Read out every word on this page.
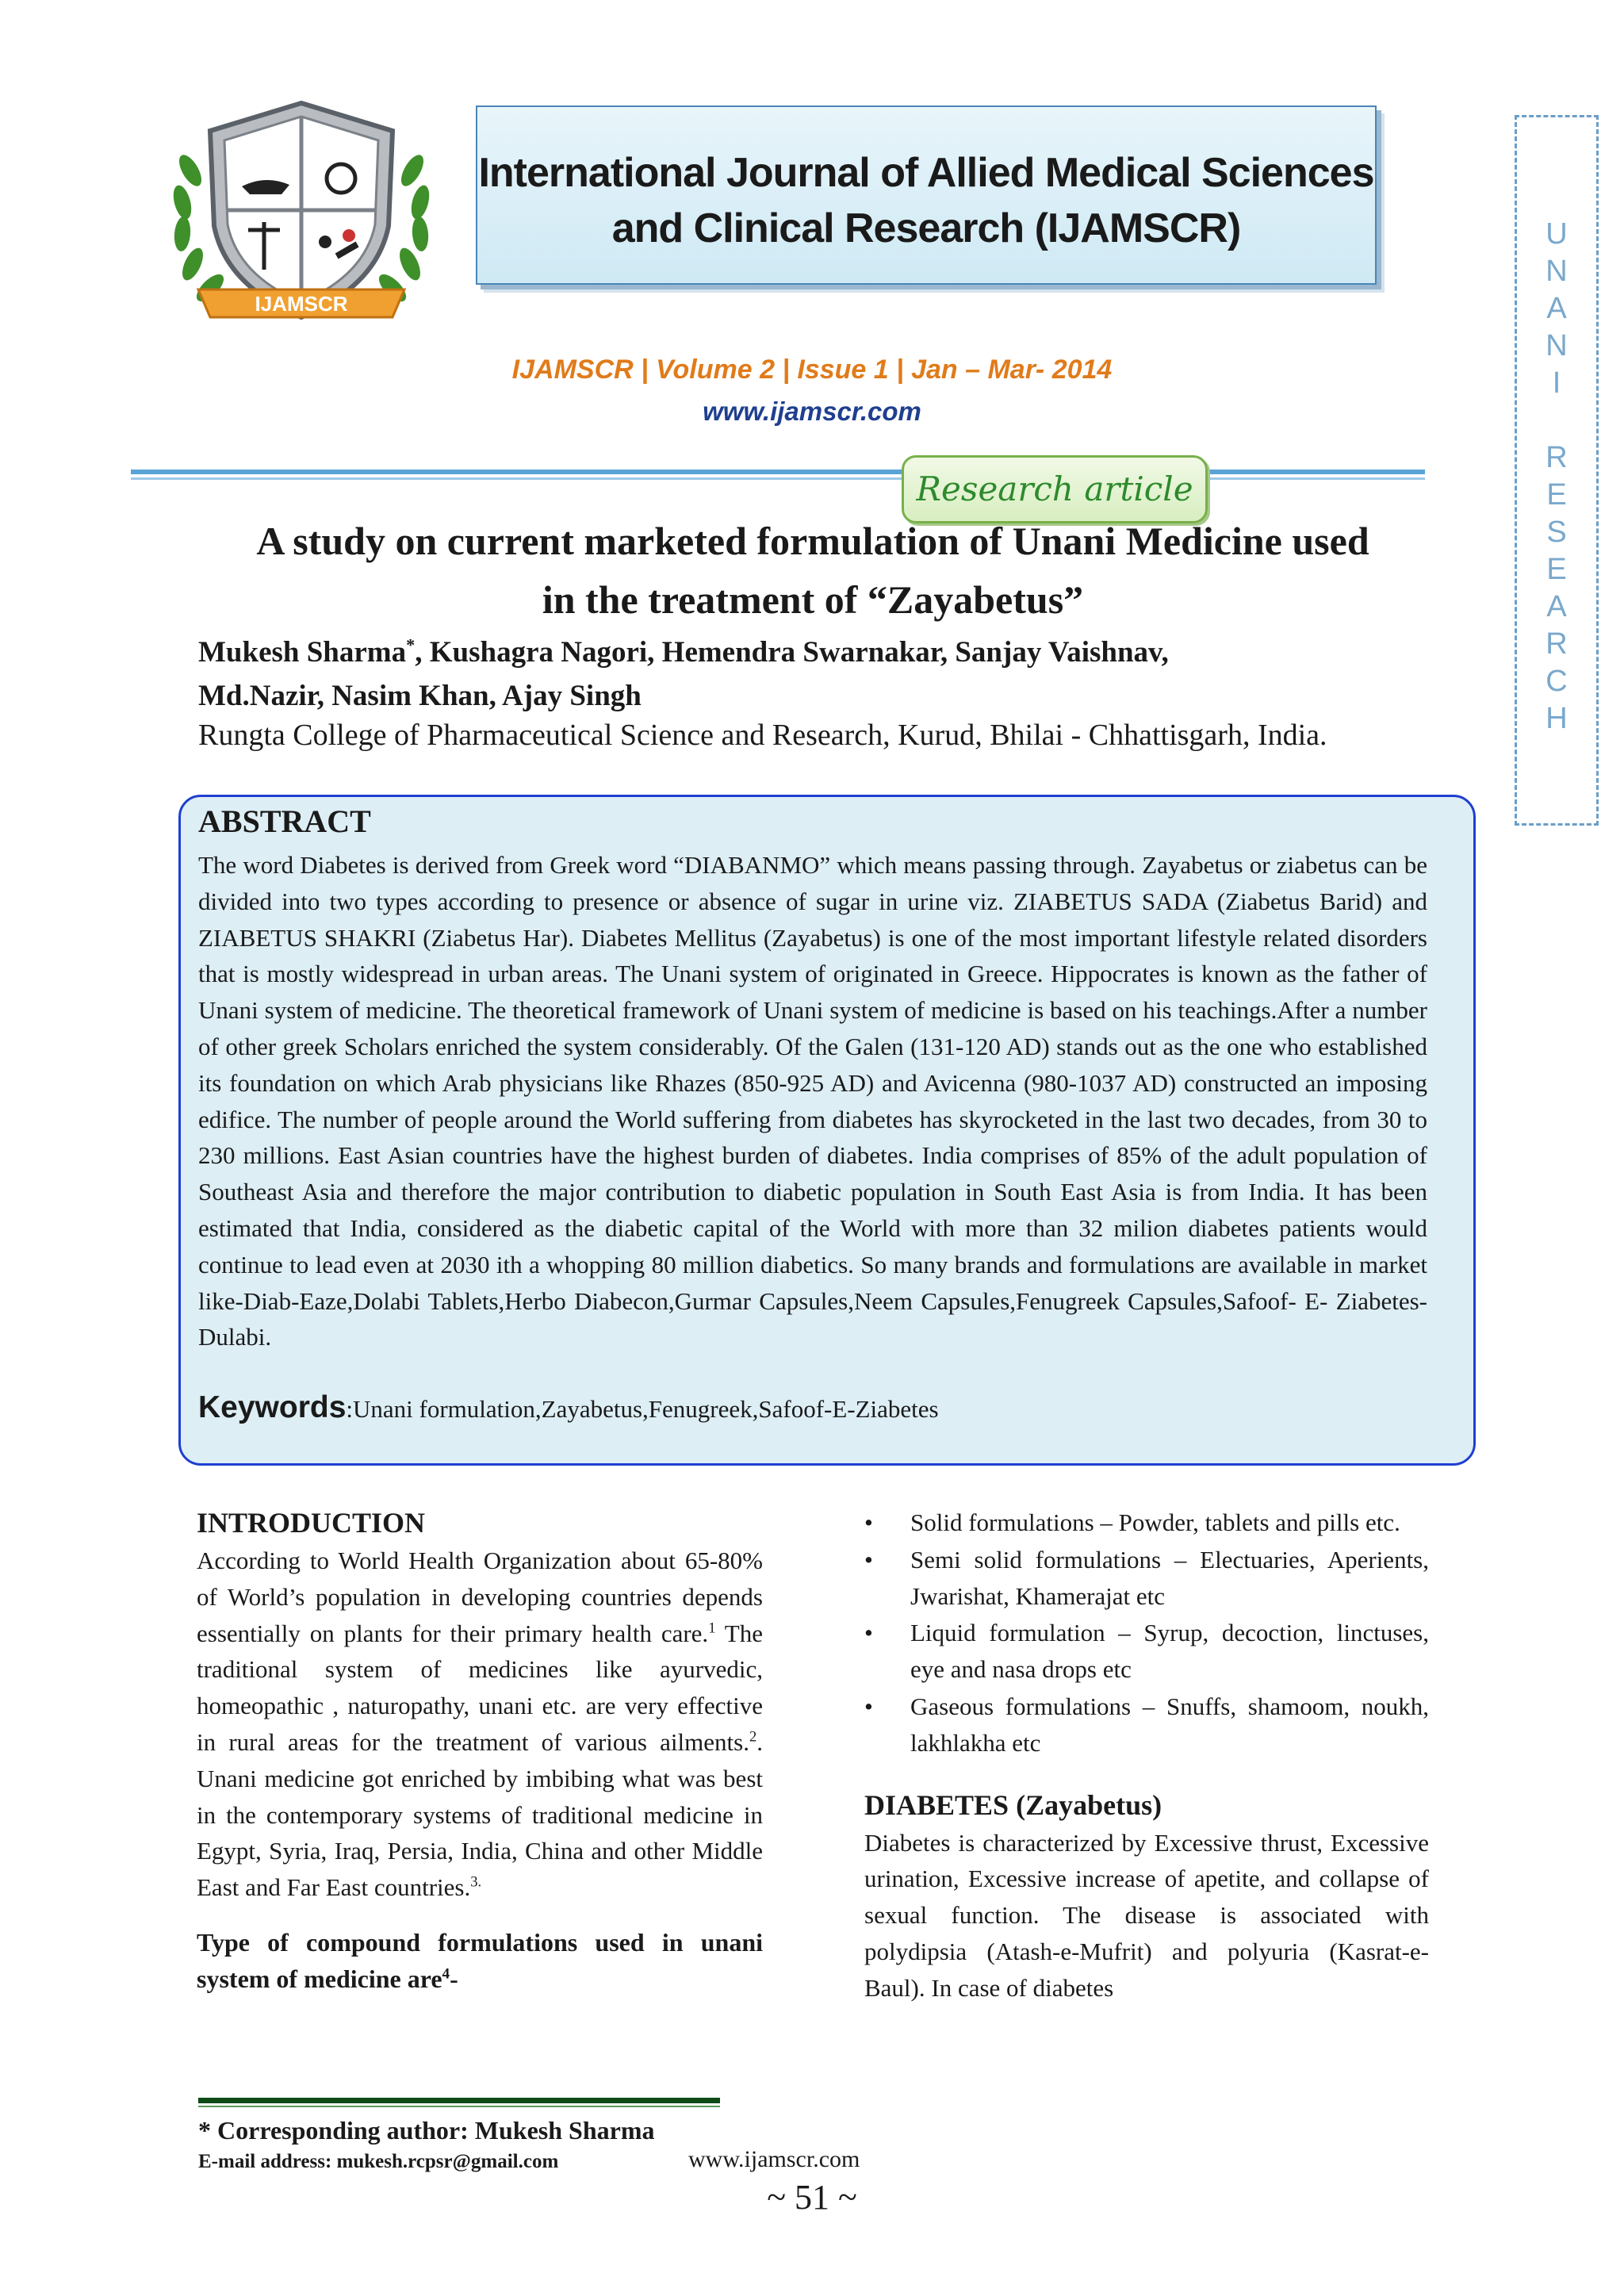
IJAMSCR
International Journal of Allied Medical Sciences
and Clinical Research (IJAMSCR)
IJAMSCR | Volume 2 | Issue 1 | Jan – Mar- 2014
www.ijamscr.com
U
N
A
N
I

R
E
S
E
A
R
C
H
Research article
A study on current marketed formulation of Unani Medicine used
in the treatment of “Zayabetus”
Mukesh Sharma*, Kushagra Nagori, Hemendra Swarnakar, Sanjay Vaishnav,
Md.Nazir, Nasim Khan, Ajay Singh
Rungta College of Pharmaceutical Science and Research, Kurud, Bhilai - Chhattisgarh, India.
ABSTRACT
The word Diabetes is derived from Greek word “DIABANMO” which means passing through. Zayabetus or ziabetus can be divided into two types according to presence or absence of sugar in urine viz. ZIABETUS SADA (Ziabetus Barid) and ZIABETUS SHAKRI (Ziabetus Har). Diabetes Mellitus (Zayabetus) is one of the most important lifestyle related disorders that is mostly widespread in urban areas. The Unani system of originated in Greece. Hippocrates is known as the father of Unani system of medicine. The theoretical framework of Unani system of medicine is based on his teachings.After a number of other greek Scholars enriched the system considerably. Of the Galen (131-120 AD) stands out as the one who established its foundation on which Arab physicians like Rhazes (850-925 AD) and Avicenna (980-1037 AD) constructed an imposing edifice. The number of people around the World suffering from diabetes has skyrocketed in the last two decades, from 30 to 230 millions. East Asian countries have the highest burden of diabetes. India comprises of 85% of the adult population of Southeast Asia and therefore the major contribution to diabetic population in South East Asia is from India. It has been estimated that India, considered as the diabetic capital of the World with more than 32 milion diabetes patients would continue to lead even at 2030 ith a whopping 80 million diabetics. So many brands and formulations are available in market like-Diab-Eaze,Dolabi Tablets,Herbo Diabecon,Gurmar Capsules,Neem Capsules,Fenugreek Capsules,Safoof- E- Ziabetes- Dulabi.
Keywords:Unani formulation,Zayabetus,Fenugreek,Safoof-E-Ziabetes
INTRODUCTION

According to World Health Organization about 65-80% of World’s population in developing countries depends essentially on plants for their primary health care.$^1$ The traditional system of medicines like ayurvedic, homeopathic , naturopathy, unani etc. are very effective in rural areas for the treatment of various ailments.$^2$. Unani medicine got enriched by imbibing what was best in the contemporary systems of traditional medicine in Egypt, Syria, Iraq, Persia, India, China and other Middle East and Far East countries.$^{3.}$

Type of compound formulations used in unani system of medicine are$^4$-

• Solid formulations – Powder, tablets and pills etc.
• Semi solid formulations – Electuaries, Aperients, Jwarishat, Khamerajat etc
• Liquid formulation – Syrup, decoction, linctuses, eye and nasa drops etc
• Gaseous formulations – Snuffs, shamoom, noukh, lakhlakha etc
DIABETES (Zayabetus)

Diabetes is characterized by Excessive thrust, Excessive urination, Excessive increase of apetite, and collapse of sexual function. The disease is associated with polydipsia (Atash-e-Mufrit) and polyuria (Kasrat-e-Baul). In case of diabetes

* Corresponding author: Mukesh Sharma
E-mail address: mukesh.rcpsr@gmail.com	www.ijamscr.com
~ 51 ~
